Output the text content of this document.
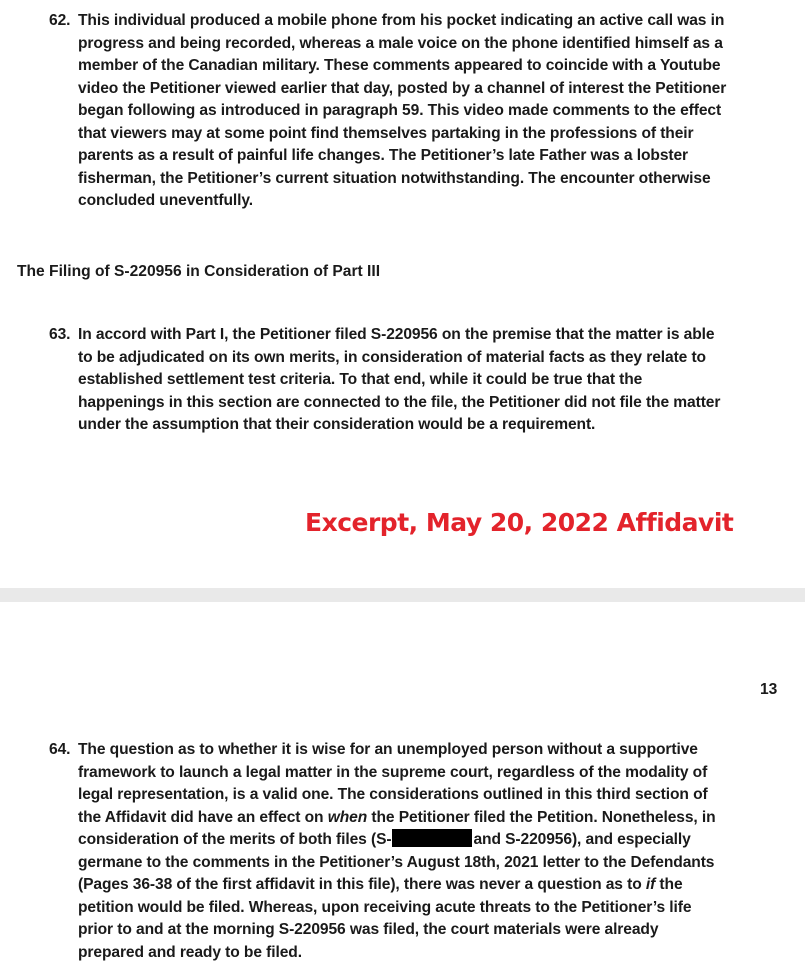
62. This individual produced a mobile phone from his pocket indicating an active call was in
progress and being recorded, whereas a male voice on the phone identified himself as a
member of the Canadian military. These comments appeared to coincide with a Youtube
video the Petitioner viewed earlier that day, posted by a channel of interest the Petitioner
began following as introduced in paragraph 59. This video made comments to the effect
that viewers may at some point find themselves partaking in the professions of their
parents as a result of painful life changes. The Petitioner’s late Father was a lobster
fisherman, the Petitioner’s current situation notwithstanding. The encounter otherwise
concluded uneventfully.
The Filing of S-220956 in Consideration of Part III
63. In accord with Part I, the Petitioner filed S-220956 on the premise that the matter is able
to be adjudicated on its own merits, in consideration of material facts as they relate to
established settlement test criteria. To that end, while it could be true that the
happenings in this section are connected to the file, the Petitioner did not file the matter
under the assumption that their consideration would be a requirement.
Excerpt, May 20, 2022 Affidavit
13
64. The question as to whether it is wise for an unemployed person without a supportive
framework to launch a legal matter in the supreme court, regardless of the modality of
legal representation, is a valid one. The considerations outlined in this third section of
the Affidavit did have an effect on when the Petitioner filed the Petition. Nonetheless, in
consideration of the merits of both files (S-	and S-220956), and especially
germane to the comments in the Petitioner’s August 18th, 2021 letter to the Defendants
(Pages 36-38 of the first affidavit in this file), there was never a question as to if the
petition would be filed. Whereas, upon receiving acute threats to the Petitioner’s life
prior to and at the morning S-220956 was filed, the court materials were already
prepared and ready to be filed.
